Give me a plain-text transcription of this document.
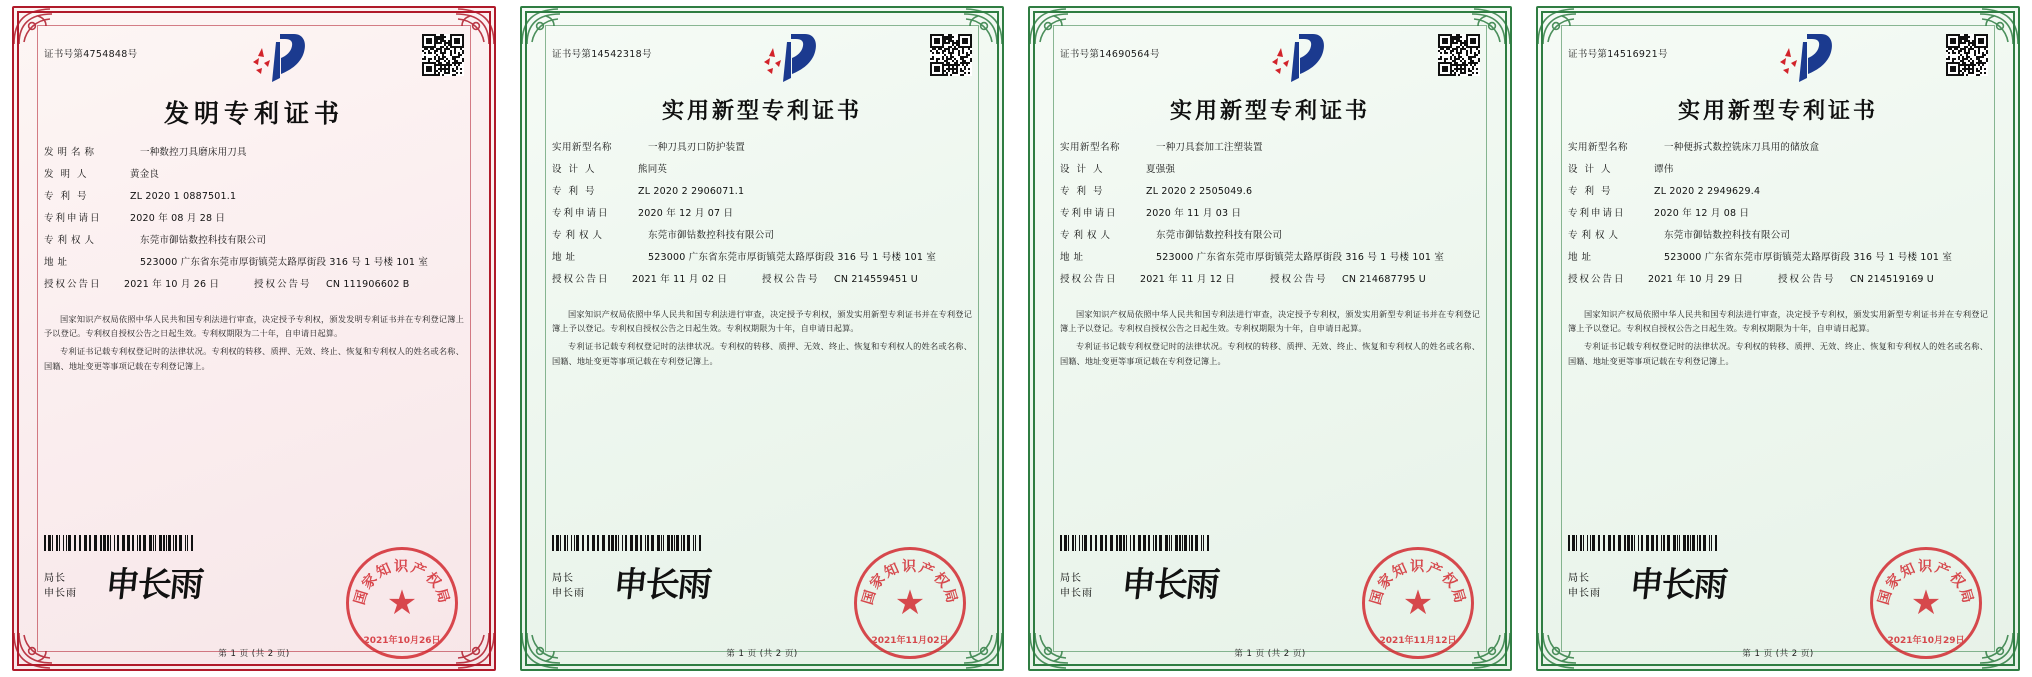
证书号第4754848号
发明专利证书
发 明 名 称	一种数控刀具磨床用刀具
发 明 人	黄金良
专 利 号	ZL 2020 1 0887501.1
专利申请日	2020 年 08 月 28 日
专 利 权 人	东莞市御钻数控科技有限公司
地 址	523000 广东省东莞市厚街镇莞太路厚街段 316 号 1 号楼 101 室
授权公告日	2021 年 10 月 26 日	授权公告号	CN 111906602 B

国家知识产权局依照中华人民共和国专利法进行审查，决定授予专利权，颁发发明专利证书并在专利登记簿上予以登记。专利权自授权公告之日起生效。专利权期限为二十年，自申请日起算。

专利证书记载专利权登记时的法律状况。专利权的转移、质押、无效、终止、恢复和专利权人的姓名或名称、国籍、地址变更等事项记载在专利登记簿上。

局长
申长雨 申长雨	国家知识产权局
★
2021年10月26日
第 1 页 (共 2 页)
证书号第14542318号
实用新型专利证书
实用新型名称	一种刀具刃口防护装置
设 计 人	熊同英
专 利 号	ZL 2020 2 2906071.1
专利申请日	2020 年 12 月 07 日
专 利 权 人	东莞市御钻数控科技有限公司
地 址	523000 广东省东莞市厚街镇莞太路厚街段 316 号 1 号楼 101 室
授权公告日	2021 年 11 月 02 日	授权公告号	CN 214559451 U

国家知识产权局依照中华人民共和国专利法进行审查，决定授予专利权，颁发实用新型专利证书并在专利登记簿上予以登记。专利权自授权公告之日起生效。专利权期限为十年，自申请日起算。

专利证书记载专利权登记时的法律状况。专利权的转移、质押、无效、终止、恢复和专利权人的姓名或名称、国籍、地址变更等事项记载在专利登记簿上。

局长
申长雨 申长雨	国家知识产权局
★
2021年11月02日
第 1 页 (共 2 页)
证书号第14690564号
实用新型专利证书
实用新型名称	一种刀具套加工注塑装置
设 计 人	夏强强
专 利 号	ZL 2020 2 2505049.6
专利申请日	2020 年 11 月 03 日
专 利 权 人	东莞市御钻数控科技有限公司
地 址	523000 广东省东莞市厚街镇莞太路厚街段 316 号 1 号楼 101 室
授权公告日	2021 年 11 月 12 日	授权公告号	CN 214687795 U

国家知识产权局依照中华人民共和国专利法进行审查，决定授予专利权，颁发实用新型专利证书并在专利登记簿上予以登记。专利权自授权公告之日起生效。专利权期限为十年，自申请日起算。

专利证书记载专利权登记时的法律状况。专利权的转移、质押、无效、终止、恢复和专利权人的姓名或名称、国籍、地址变更等事项记载在专利登记簿上。

局长
申长雨 申长雨	国家知识产权局
★
2021年11月12日
第 1 页 (共 2 页)
证书号第14516921号
实用新型专利证书
实用新型名称	一种便拆式数控铣床刀具用的储放盒
设 计 人	谭伟
专 利 号	ZL 2020 2 2949629.4
专利申请日	2020 年 12 月 08 日
专 利 权 人	东莞市御钻数控科技有限公司
地 址	523000 广东省东莞市厚街镇莞太路厚街段 316 号 1 号楼 101 室
授权公告日	2021 年 10 月 29 日	授权公告号	CN 214519169 U

国家知识产权局依照中华人民共和国专利法进行审查，决定授予专利权，颁发实用新型专利证书并在专利登记簿上予以登记。专利权自授权公告之日起生效。专利权期限为十年，自申请日起算。

专利证书记载专利权登记时的法律状况。专利权的转移、质押、无效、终止、恢复和专利权人的姓名或名称、国籍、地址变更等事项记载在专利登记簿上。

局长
申长雨 申长雨	国家知识产权局
★
2021年10月29日
第 1 页 (共 2 页)
